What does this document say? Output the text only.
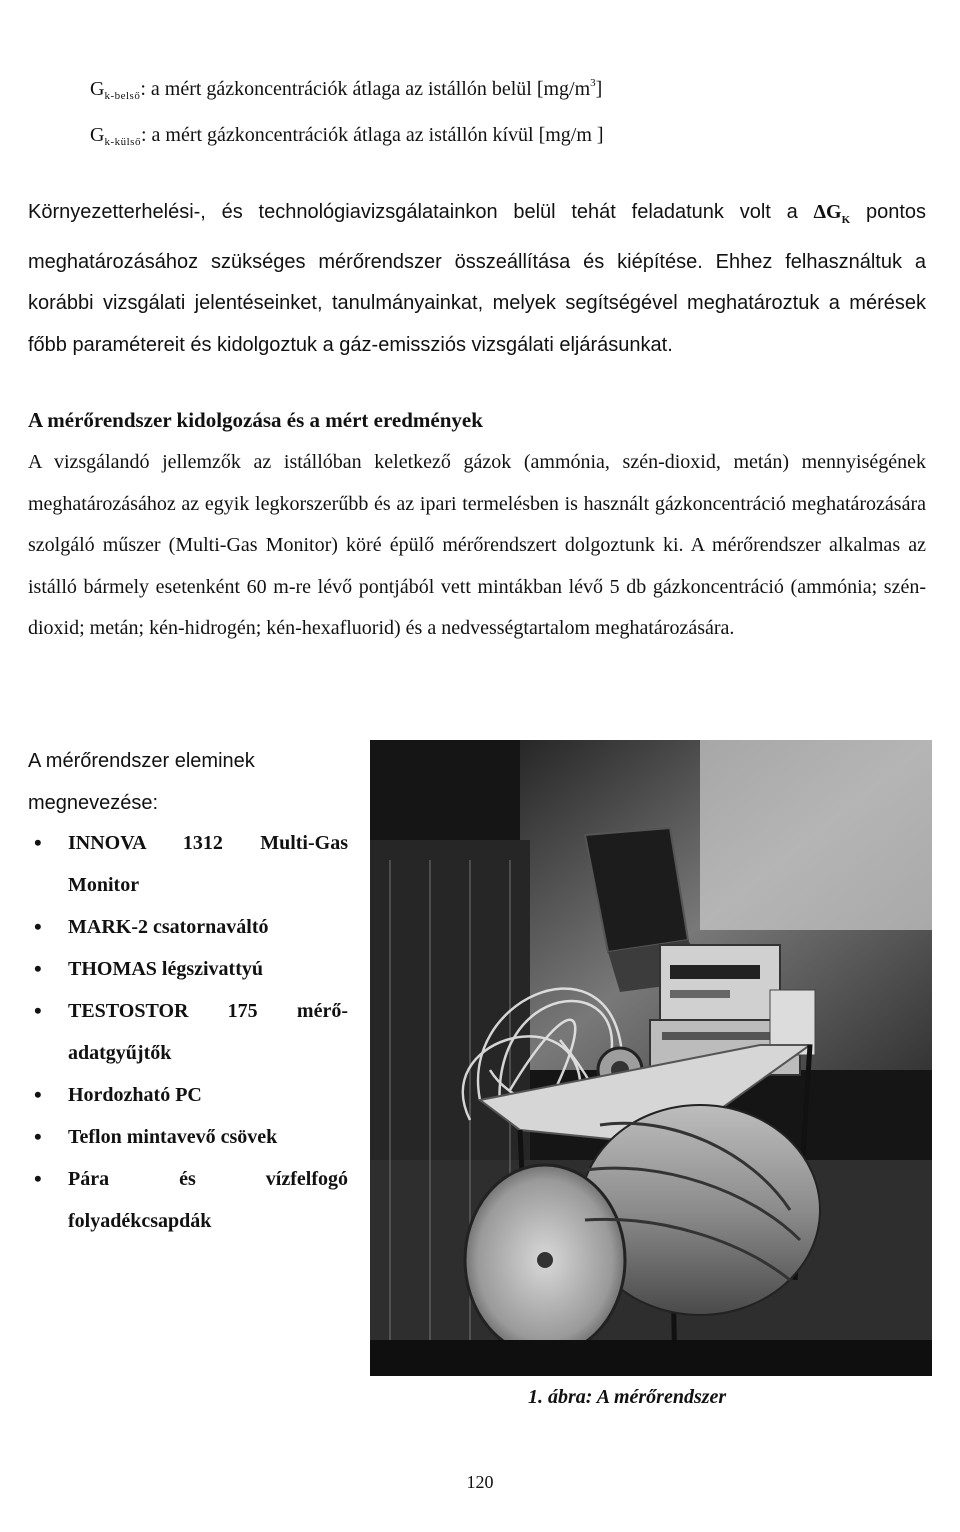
$G_{k-belső}$: a mért gázkoncentrációk átlaga az istállón belül $[mg/m^3]$
$G_{k-külső}$: a mért gázkoncentrációk átlaga az istállón kívül [mg/m ]
Környezetterhelési-, és technológiavizsgálatainkon belül tehát feladatunk volt a $\Delta G_K$ pontos meghatározásához szükséges mérőrendszer összeállítása és kiépítése. Ehhez felhasználtuk a korábbi vizsgálati jelentéseinket, tanulmányainkat, melyek segítségével meghatároztuk a mérések főbb paramétereit és kidolgoztuk a gáz-emissziós vizsgálati eljárásunkat.
A mérőrendszer kidolgozása és a mért eredmények
A vizsgálandó jellemzők az istállóban keletkező gázok (ammónia, szén-dioxid, metán) mennyiségének meghatározásához az egyik legkorszerűbb és az ipari termelésben is használt gázkoncentráció meghatározására szolgáló műszer (Multi-Gas Monitor) köré épülő mérőrendszert dolgoztunk ki. A mérőrendszer alkalmas az istálló bármely esetenként 60 m-re lévő pontjából vett mintákban lévő 5 db gázkoncentráció (ammónia; szén-dioxid; metán; kén-hidrogén; kén-hexafluorid) és a nedvességtartalom meghatározására.
A mérőrendszer eleminek megnevezése:
• INNOVA 1312 Multi-Gas Monitor
• MARK-2 csatornaváltó
• THOMAS légszivattyú
• TESTOSTOR 175 mérő-adatgyűjtők
• Hordozható PC
• Teflon mintavevő csövek
• Pára és vízfelfogó folyadékcsapdák
1. ábra: A mérőrendszer
120
